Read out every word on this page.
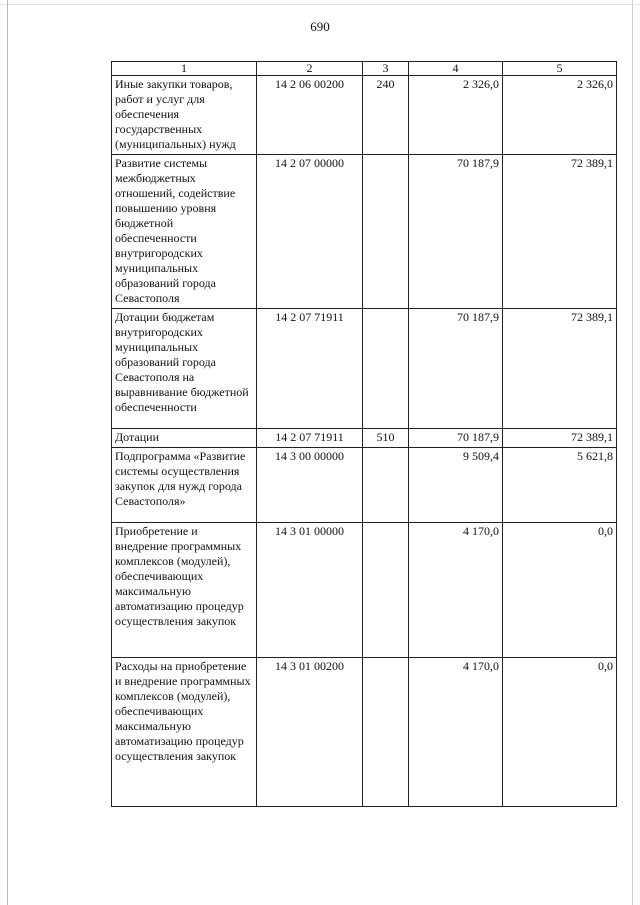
690
1	2	3	4	5
Иные закупки товаров, работ и услуг для обеспечения государственных (муниципальных) нужд	14 2 06 00200	240	2 326,0	2 326,0
Развитие системы межбюджетных отношений, содействие повышению уровня бюджетной обеспеченности внутригородских муниципальных образований города Севастополя	14 2 07 00000		70 187,9	72 389,1
Дотации бюджетам внутригородских муниципальных образований города Севастополя на выравнивание бюджетной обеспеченности	14 2 07 71911		70 187,9	72 389,1
Дотации	14 2 07 71911	510	70 187,9	72 389,1
Подпрограмма «Развитие системы осуществления закупок для нужд города Севастополя»	14 3 00 00000		9 509,4	5 621,8
Приобретение и внедрение программных комплексов (модулей), обеспечивающих максимальную автоматизацию процедур осуществления закупок	14 3 01 00000		4 170,0	0,0
Расходы на приобретение и внедрение программных комплексов (модулей), обеспечивающих максимальную автоматизацию процедур осуществления закупок	14 3 01 00200		4 170,0	0,0
